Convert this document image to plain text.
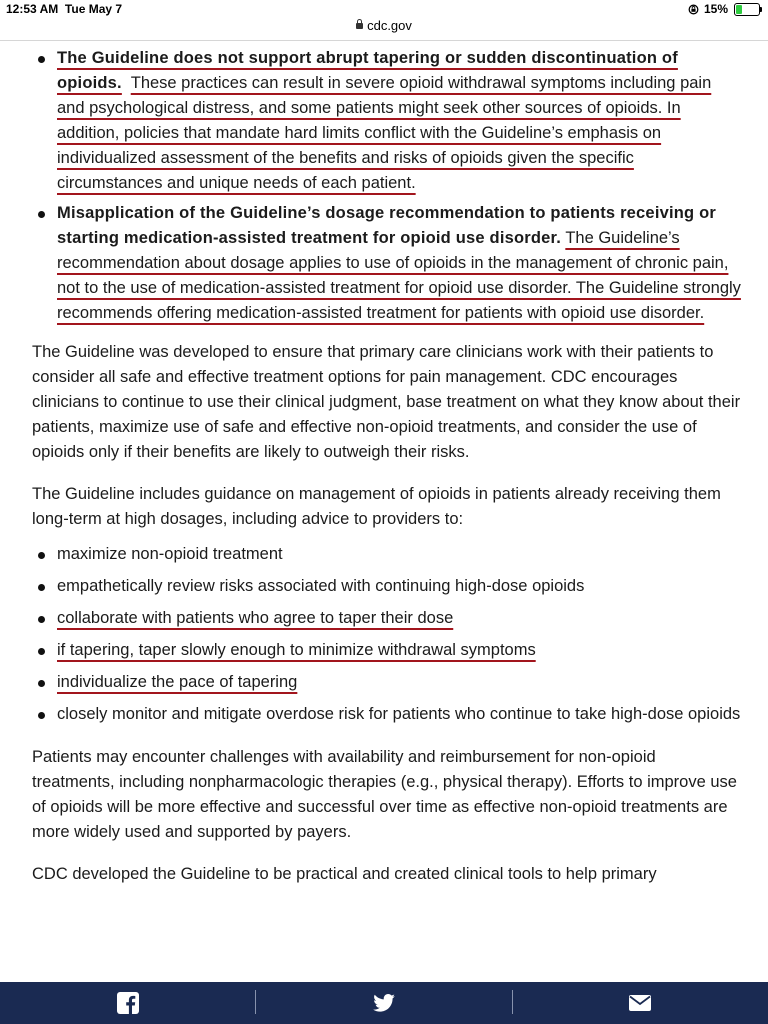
12:53 AM Tue May 7	15%
cdc.gov
The Guideline does not support abrupt tapering or sudden discontinuation of opioids. These practices can result in severe opioid withdrawal symptoms including pain and psychological distress, and some patients might seek other sources of opioids. In addition, policies that mandate hard limits conflict with the Guideline’s emphasis on individualized assessment of the benefits and risks of opioids given the specific circumstances and unique needs of each patient.
Misapplication of the Guideline’s dosage recommendation to patients receiving or starting medication-assisted treatment for opioid use disorder. The Guideline’s recommendation about dosage applies to use of opioids in the management of chronic pain, not to the use of medication-assisted treatment for opioid use disorder. The Guideline strongly recommends offering medication-assisted treatment for patients with opioid use disorder.

The Guideline was developed to ensure that primary care clinicians work with their patients to consider all safe and effective treatment options for pain management. CDC encourages clinicians to continue to use their clinical judgment, base treatment on what they know about their patients, maximize use of safe and effective non-opioid treatments, and consider the use of opioids only if their benefits are likely to outweigh their risks.

The Guideline includes guidance on management of opioids in patients already receiving them long-term at high dosages, including advice to providers to:

maximize non-opioid treatment
empathetically review risks associated with continuing high-dose opioids
collaborate with patients who agree to taper their dose
if tapering, taper slowly enough to minimize withdrawal symptoms
individualize the pace of tapering
closely monitor and mitigate overdose risk for patients who continue to take high-dose opioids

Patients may encounter challenges with availability and reimbursement for non-opioid treatments, including nonpharmacologic therapies (e.g., physical therapy). Efforts to improve use of opioids will be more effective and successful over time as effective non-opioid treatments are more widely used and supported by payers.

CDC developed the Guideline to be practical and created clinical tools to help primary
